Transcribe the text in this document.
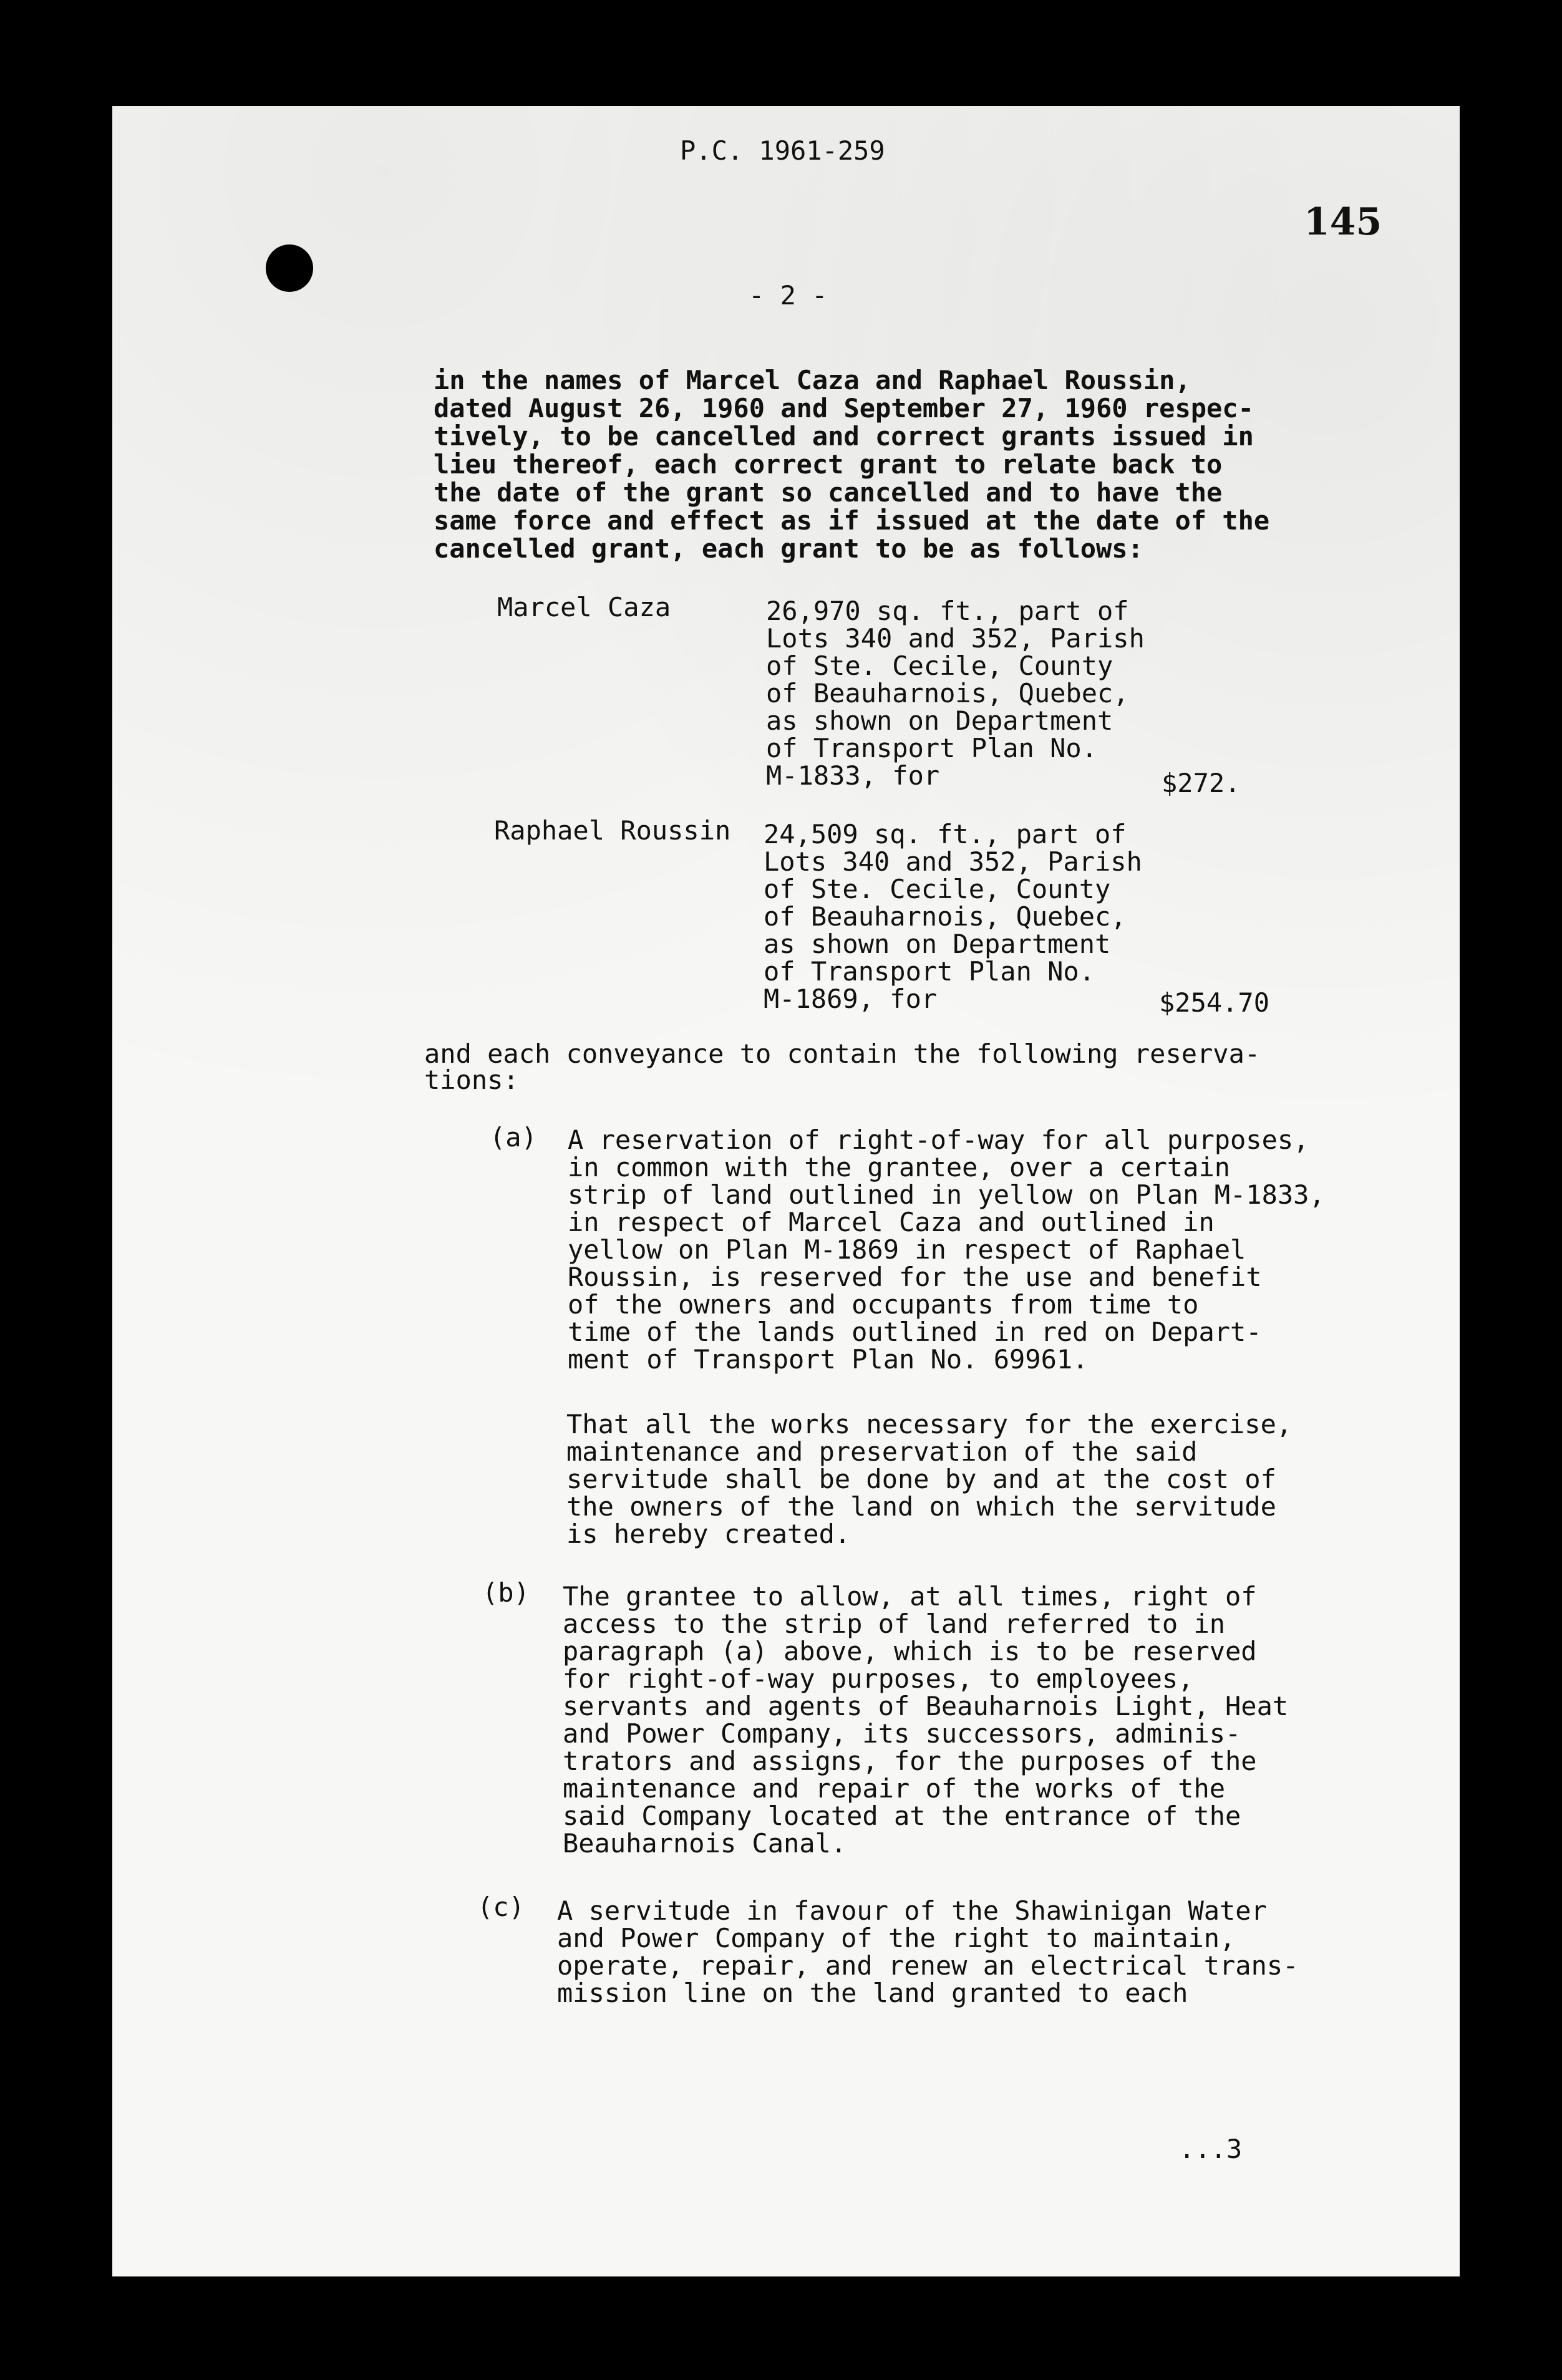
P.C. 1961-259

145

- 2 -

in the names of Marcel Caza and Raphael Roussin,

dated August 26, 1960 and September 27, 1960 respec-

tively, to be cancelled and correct grants issued in

lieu thereof, each correct grant to relate back to

the date of the grant so cancelled and to have the

same force and effect as if issued at the date of the

cancelled grant, each grant to be as follows:

Marcel Caza	26,970 sq. ft., part of

Lots 340 and 352, Parish

of Ste. Cecile, County

of Beauharnois, Quebec,

as shown on Department

of Transport Plan No.

M-1833, for	$272.

Raphael Roussin 24,509 sq. ft., part of

Lots 340 and 352, Parish

of Ste. Cecile, County

of Beauharnois, Quebec,

as shown on Department

of Transport Plan No.

M-1869, for	$254.70

and each conveyance to contain the following reserva-

tions:

(a) A reservation of right-of-way for all purposes,

in common with the grantee, over a certain

strip of land outlined in yellow on Plan M-1833,

in respect of Marcel Caza and outlined in

yellow on Plan M-1869 in respect of Raphael

Roussin, is reserved for the use and benefit

of the owners and occupants from time to

time of the lands outlined in red on Depart-

ment of Transport Plan No. 69961.

That all the works necessary for the exercise,

maintenance and preservation of the said

servitude shall be done by and at the cost of

the owners of the land on which the servitude

is hereby created.

(b) The grantee to allow, at all times, right of

access to the strip of land referred to in

paragraph (a) above, which is to be reserved

for right-of-way purposes, to employees,

servants and agents of Beauharnois Light, Heat

and Power Company, its successors, adminis-

trators and assigns, for the purposes of the

maintenance and repair of the works of the

said Company located at the entrance of the

Beauharnois Canal.

(c) A servitude in favour of the Shawinigan Water

and Power Company of the right to maintain,

operate, repair, and renew an electrical trans-

mission line on the land granted to each

...3
